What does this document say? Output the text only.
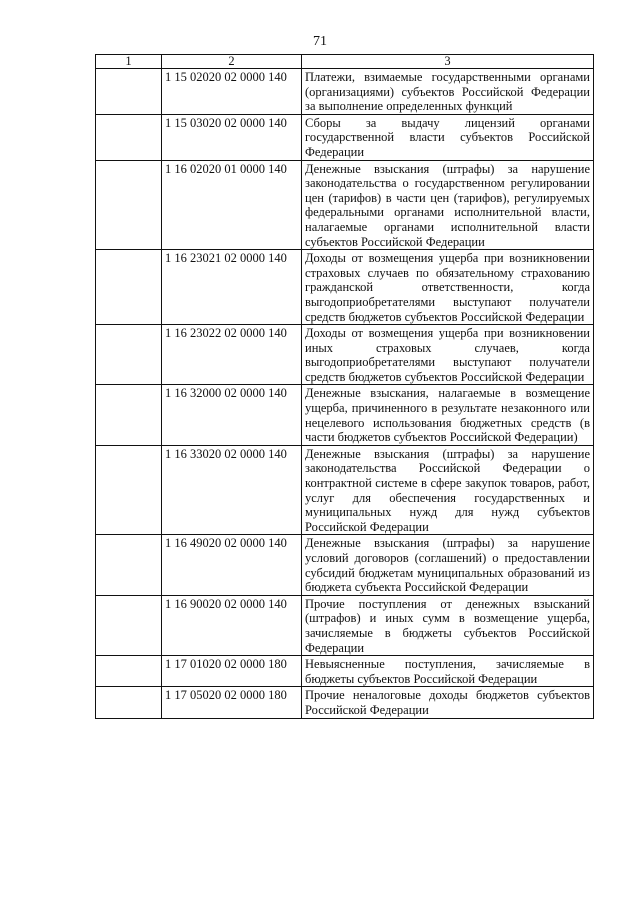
71
1	2	3
	1 15 02020 02 0000 140	Платежи, взимаемые государственными органами (организациями) субъектов Российской Федерации за выполнение определенных функций
	1 15 03020 02 0000 140	Сборы за выдачу лицензий органами государственной власти субъектов Российской Федерации
	1 16 02020 01 0000 140	Денежные взыскания (штрафы) за нарушение законодательства о государственном регулировании цен (тарифов) в части цен (тарифов), регулируемых федеральными органами исполнительной власти, налагаемые органами исполнительной власти субъектов Российской Федерации
	1 16 23021 02 0000 140	Доходы от возмещения ущерба при возникновении страховых случаев по обязательному страхованию гражданской ответственности, когда выгодоприобретателями выступают получатели средств бюджетов субъектов Российской Федерации
	1 16 23022 02 0000 140	Доходы от возмещения ущерба при возникновении иных страховых случаев, когда выгодоприобретателями выступают получатели средств бюджетов субъектов Российской Федерации
	1 16 32000 02 0000 140	Денежные взыскания, налагаемые в возмещение ущерба, причиненного в результате незаконного или нецелевого использования бюджетных средств (в части бюджетов субъектов Российской Федерации)
	1 16 33020 02 0000 140	Денежные взыскания (штрафы) за нарушение законодательства Российской Федерации о контрактной системе в сфере закупок товаров, работ, услуг для обеспечения государственных и муниципальных нужд для нужд субъектов Российской Федерации
	1 16 49020 02 0000 140	Денежные взыскания (штрафы) за нарушение условий договоров (соглашений) о предоставлении субсидий бюджетам муниципальных образований из бюджета субъекта Российской Федерации
	1 16 90020 02 0000 140	Прочие поступления от денежных взысканий (штрафов) и иных сумм в возмещение ущерба, зачисляемые в бюджеты субъектов Российской Федерации
	1 17 01020 02 0000 180	Невыясненные поступления, зачисляемые в бюджеты субъектов Российской Федерации
	1 17 05020 02 0000 180	Прочие неналоговые доходы бюджетов субъектов Российской Федерации
